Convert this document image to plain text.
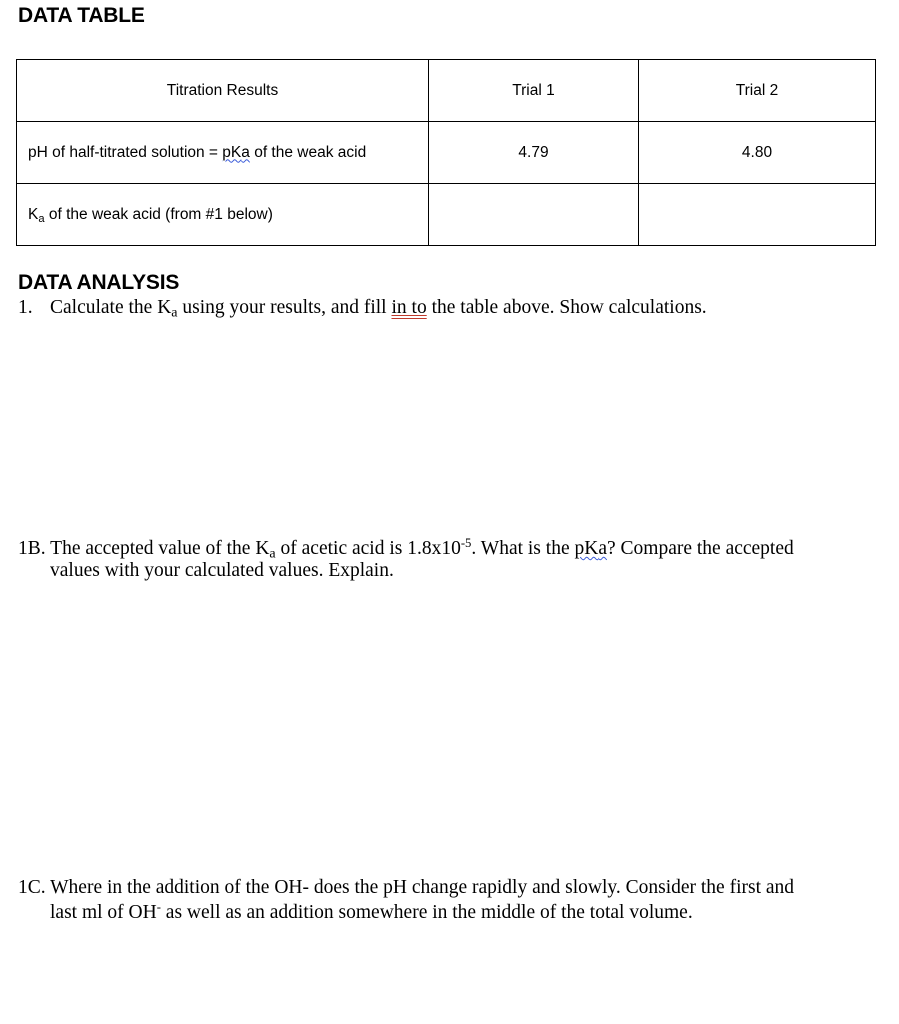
DATA TABLE
Titration Results	Trial 1	Trial 2
pH of half-titrated solution = pKa of the weak acid	4.79	4.80
$K_a$ of the weak acid (from #1 below)		
DATA ANALYSIS
1. Calculate the $K_a$ using your results, and fill in to the table above. Show calculations.
1B. The accepted value of the $K_a$ of acetic acid is $1.8x10^{-5}$. What is the pKa? Compare the accepted
values with your calculated values. Explain.
1C. Where in the addition of the OH- does the pH change rapidly and slowly. Consider the first and
last ml of OH- as well as an addition somewhere in the middle of the total volume.
